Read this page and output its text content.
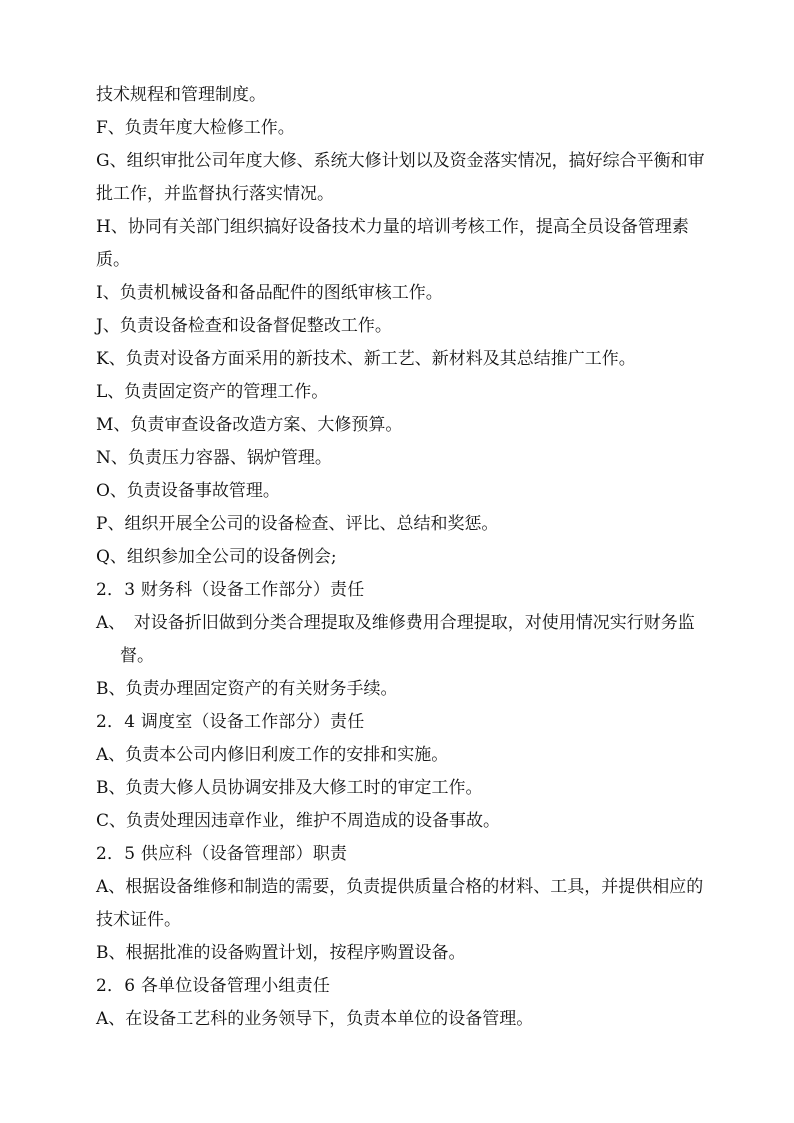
技术规程和管理制度。

F、负责年度大检修工作。

G、组织审批公司年度大修、系统大修计划以及资金落实情况，搞好综合平衡和审批工作，并监督执行落实情况。

H、协同有关部门组织搞好设备技术力量的培训考核工作，提高全员设备管理素质。

I、负责机械设备和备品配件的图纸审核工作。

J、负责设备检查和设备督促整改工作。

K、负责对设备方面采用的新技术、新工艺、新材料及其总结推广工作。

L、负责固定资产的管理工作。

M、负责审查设备改造方案、大修预算。

N、负责压力容器、锅炉管理。

O、负责设备事故管理。

P、组织开展全公司的设备检查、评比、总结和奖惩。

Q、组织参加全公司的设备例会;

2．3 财务科（设备工作部分）责任

A、　对设备折旧做到分类合理提取及维修费用合理提取，对使用情况实行财务监督。

B、负责办理固定资产的有关财务手续。

2．4 调度室（设备工作部分）责任

A、负责本公司内修旧利废工作的安排和实施。

B、负责大修人员协调安排及大修工时的审定工作。

C、负责处理因违章作业，维护不周造成的设备事故。

2．5 供应科（设备管理部）职责

A、根据设备维修和制造的需要，负责提供质量合格的材料、工具，并提供相应的技术证件。

B、根据批准的设备购置计划，按程序购置设备。

2．6 各单位设备管理小组责任

A、在设备工艺科的业务领导下，负责本单位的设备管理。
